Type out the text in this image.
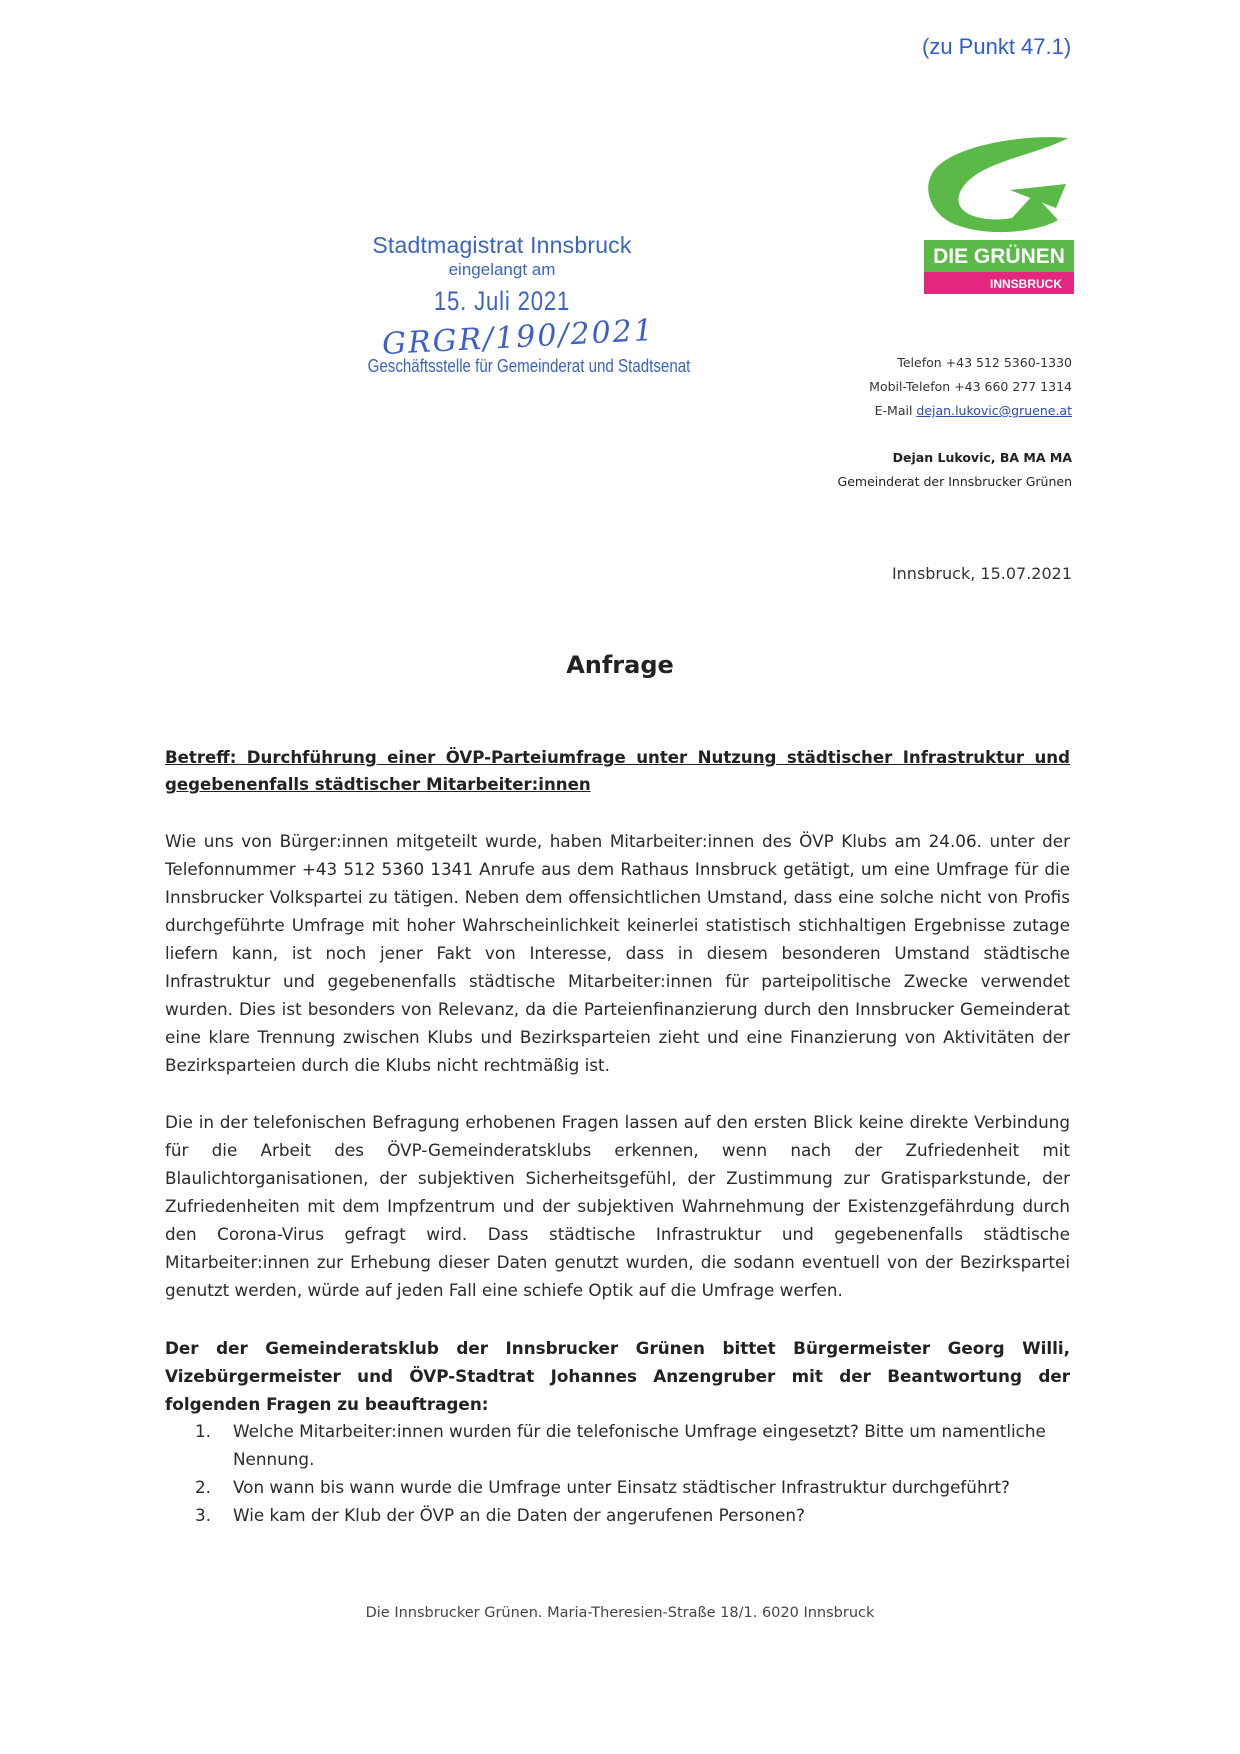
(zu Punkt 47.1)
DIE GRÜNEN
INNSBRUCK
Stadtmagistrat Innsbruck
eingelangt am
15. Juli 2021
GRGR/190/2021
Geschäftsstelle für Gemeinderat und Stadtsenat	Telefon +43 512 5360-1330
Mobil-Telefon +43 660 277 1314
E-Mail dejan.lukovic@gruene.at
Dejan Lukovic, BA MA MA
Gemeinderat der Innsbrucker Grünen
Innsbruck, 15.07.2021
Anfrage
Betreff: Durchführung einer ÖVP-Parteiumfrage unter Nutzung städtischer Infrastruktur und gegebenenfalls städtischer Mitarbeiter:innen
Wie uns von Bürger:innen mitgeteilt wurde, haben Mitarbeiter:innen des ÖVP Klubs am 24.06. unter der Telefonnummer +43 512 5360 1341 Anrufe aus dem Rathaus Innsbruck getätigt, um eine Umfrage für die Innsbrucker Volkspartei zu tätigen. Neben dem offensichtlichen Umstand, dass eine solche nicht von Profis durchgeführte Umfrage mit hoher Wahrscheinlichkeit keinerlei statistisch stichhaltigen Ergebnisse zutage liefern kann, ist noch jener Fakt von Interesse, dass in diesem besonderen Umstand städtische Infrastruktur und gegebenenfalls städtische Mitarbeiter:innen für parteipolitische Zwecke verwendet wurden. Dies ist besonders von Relevanz, da die Parteienfinanzierung durch den Innsbrucker Gemeinderat eine klare Trennung zwischen Klubs und Bezirksparteien zieht und eine Finanzierung von Aktivitäten der Bezirksparteien durch die Klubs nicht rechtmäßig ist.
Die in der telefonischen Befragung erhobenen Fragen lassen auf den ersten Blick keine direkte Verbindung für die Arbeit des ÖVP-Gemeinderatsklubs erkennen, wenn nach der Zufriedenheit mit Blaulichtorganisationen, der subjektiven Sicherheitsgefühl, der Zustimmung zur Gratisparkstunde, der Zufriedenheiten mit dem Impfzentrum und der subjektiven Wahrnehmung der Existenzgefährdung durch den Corona-Virus gefragt wird. Dass städtische Infrastruktur und gegebenenfalls städtische Mitarbeiter:innen zur Erhebung dieser Daten genutzt wurden, die sodann eventuell von der Bezirkspartei genutzt werden, würde auf jeden Fall eine schiefe Optik auf die Umfrage werfen.
Der der Gemeinderatsklub der Innsbrucker Grünen bittet Bürgermeister Georg Willi, Vizebürgermeister und ÖVP-Stadtrat Johannes Anzengruber mit der Beantwortung der folgenden Fragen zu beauftragen:
1.	Welche Mitarbeiter:innen wurden für die telefonische Umfrage eingesetzt? Bitte um namentliche Nennung.
2.	Von wann bis wann wurde die Umfrage unter Einsatz städtischer Infrastruktur durchgeführt?
3.	Wie kam der Klub der ÖVP an die Daten der angerufenen Personen?
Die Innsbrucker Grünen. Maria-Theresien-Straße 18/1. 6020 Innsbruck
